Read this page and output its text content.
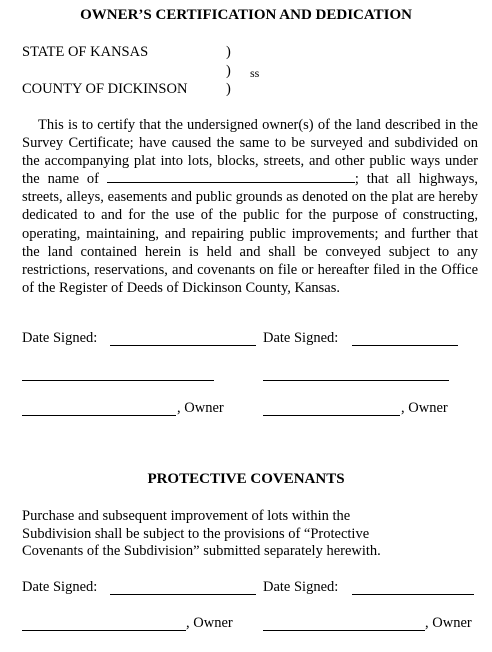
OWNER’S CERTIFICATION AND DEDICATION
STATE OF KANSAS	)
) ss
COUNTY OF DICKINSON	)
This is to certify that the undersigned owner(s) of the land described in the Survey Certificate; have caused the same to be surveyed and subdivided on the accompanying plat into lots, blocks, streets, and other public ways under the name of	; that all highways, streets, alleys, easements and public grounds as denoted on the plat are hereby dedicated to and for the use of the public for the purpose of constructing, operating, maintaining, and repairing public improvements; and further that the land contained herein is held and shall be conveyed subject to any restrictions, reservations, and covenants on file or hereafter filed in the Office of the Register of Deeds of Dickinson County, Kansas.
Date Signed:	Date Signed:
, Owner	, Owner
PROTECTIVE COVENANTS
Purchase and subsequent improvement of lots within the Subdivision shall be subject to the provisions of “Protective Covenants of the Subdivision” submitted separately herewith.
Date Signed:	Date Signed:
, Owner	, Owner
